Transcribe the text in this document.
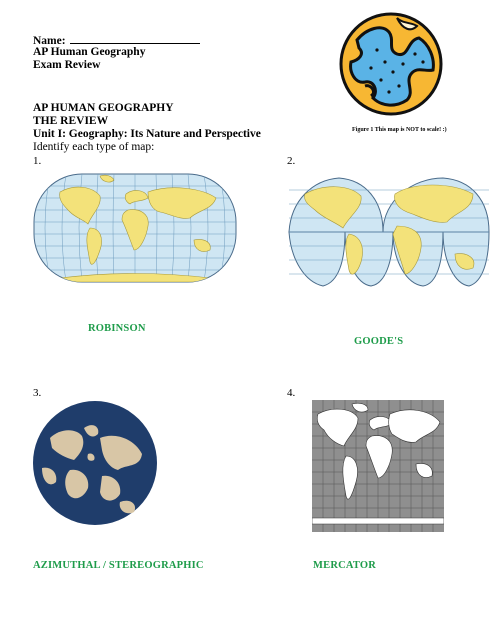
Name:
AP Human Geography
Exam Review
AP HUMAN GEOGRAPHY
THE REVIEW
Unit I: Geography: Its Nature and Perspective
Identify each type of map:
Figure 1 This map is NOT to scale! :)
1.	2.
3.	4.
ROBINSON
GOODE'S
AZIMUTHAL / STEREOGRAPHIC	MERCATOR
